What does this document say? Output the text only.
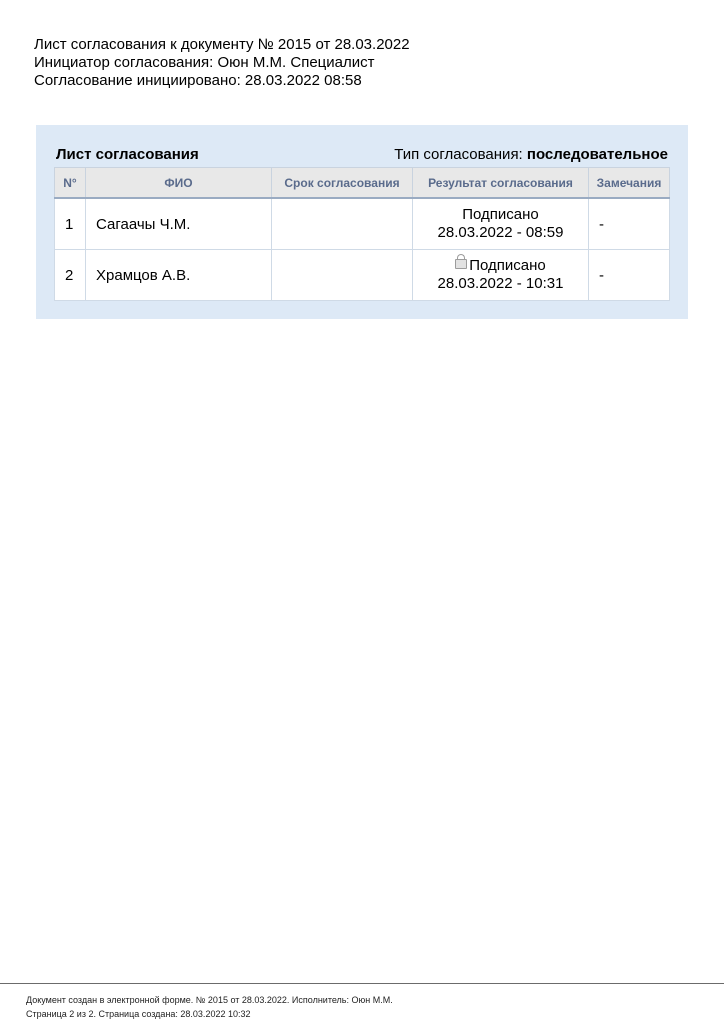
Лист согласования к документу № 2015 от 28.03.2022
Инициатор согласования: Оюн М.М. Специалист
Согласование инициировано: 28.03.2022 08:58
Лист согласования	Тип согласования: последовательное
N°	ФИО	Срок согласования	Результат согласования	Замечания
1	Сагаачы Ч.М.		Подписано
28.03.2022 - 08:59	-
2	Храмцов А.В.		Подписано
28.03.2022 - 10:31	-
Документ создан в электронной форме. № 2015 от 28.03.2022. Исполнитель: Оюн М.М.
Страница 2 из 2. Страница создана: 28.03.2022 10:32
